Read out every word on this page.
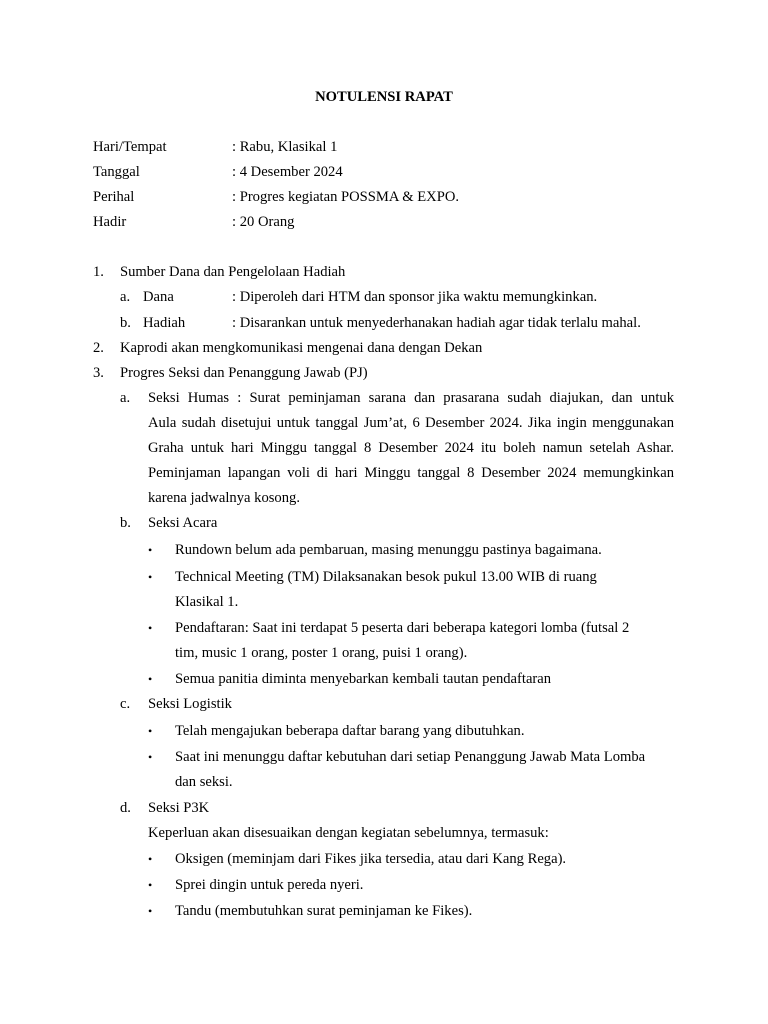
NOTULENSI RAPAT
Hari/Tempat	: Rabu, Klasikal 1
Tanggal	: 4 Desember 2024
Perihal	: Progres kegiatan POSSMA & EXPO.
Hadir	: 20 Orang
1. Sumber Dana dan Pengelolaan Hadiah
a. Dana	: Diperoleh dari HTM dan sponsor jika waktu memungkinkan.
b. Hadiah	: Disarankan untuk menyederhanakan hadiah agar tidak terlalu mahal.
2. Kaprodi akan mengkomunikasi mengenai dana dengan Dekan
3. Progres Seksi dan Penanggung Jawab (PJ)
a. Seksi Humas : Surat peminjaman sarana dan prasarana sudah diajukan, dan untuk
Aula sudah disetujui untuk tanggal Jum’at, 6 Desember 2024. Jika ingin menggunakan
Graha untuk hari Minggu tanggal 8 Desember 2024 itu boleh namun setelah Ashar.
Peminjaman lapangan voli di hari Minggu tanggal 8 Desember 2024 memungkinkan
karena jadwalnya kosong.
b. Seksi Acara
• Rundown belum ada pembaruan, masing menunggu pastinya bagaimana.
• Technical Meeting (TM) Dilaksanakan besok pukul 13.00 WIB di ruang
Klasikal 1.
• Pendaftaran: Saat ini terdapat 5 peserta dari beberapa kategori lomba (futsal 2
tim, music 1 orang, poster 1 orang, puisi 1 orang).
• Semua panitia diminta menyebarkan kembali tautan pendaftaran
c. Seksi Logistik
• Telah mengajukan beberapa daftar barang yang dibutuhkan.
• Saat ini menunggu daftar kebutuhan dari setiap Penanggung Jawab Mata Lomba
dan seksi.
d. Seksi P3K
Keperluan akan disesuaikan dengan kegiatan sebelumnya, termasuk:
• Oksigen (meminjam dari Fikes jika tersedia, atau dari Kang Rega).
• Sprei dingin untuk pereda nyeri.
• Tandu (membutuhkan surat peminjaman ke Fikes).
